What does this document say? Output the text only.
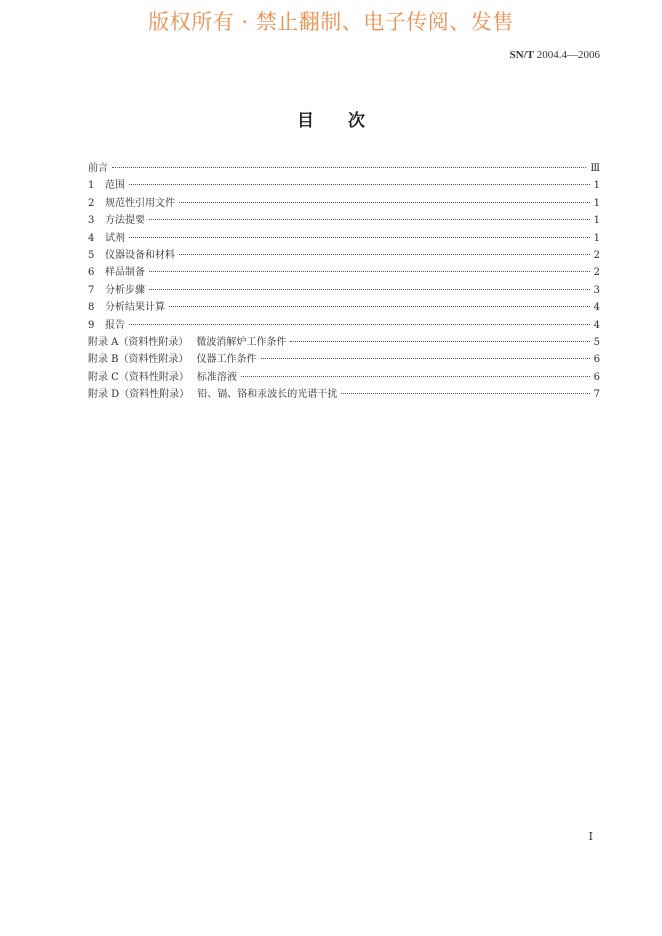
版权所有 · 禁止翻制、电子传阅、发售
SN/T 2004.4—2006
目次
前言	Ⅲ
1	范围	1
2	规范性引用文件	1
3	方法提要	1
4	试剂	1
5	仪器设备和材料	2
6	样品制备	2
7	分析步骤	3
8	分析结果计算	4
9	报告	4
附录 A（资料性附录） 微波消解炉工作条件	5
附录 B（资料性附录） 仪器工作条件	6
附录 C（资料性附录） 标准溶液	6
附录 D（资料性附录） 铅、镉、铬和汞波长的光谱干扰	7
I
